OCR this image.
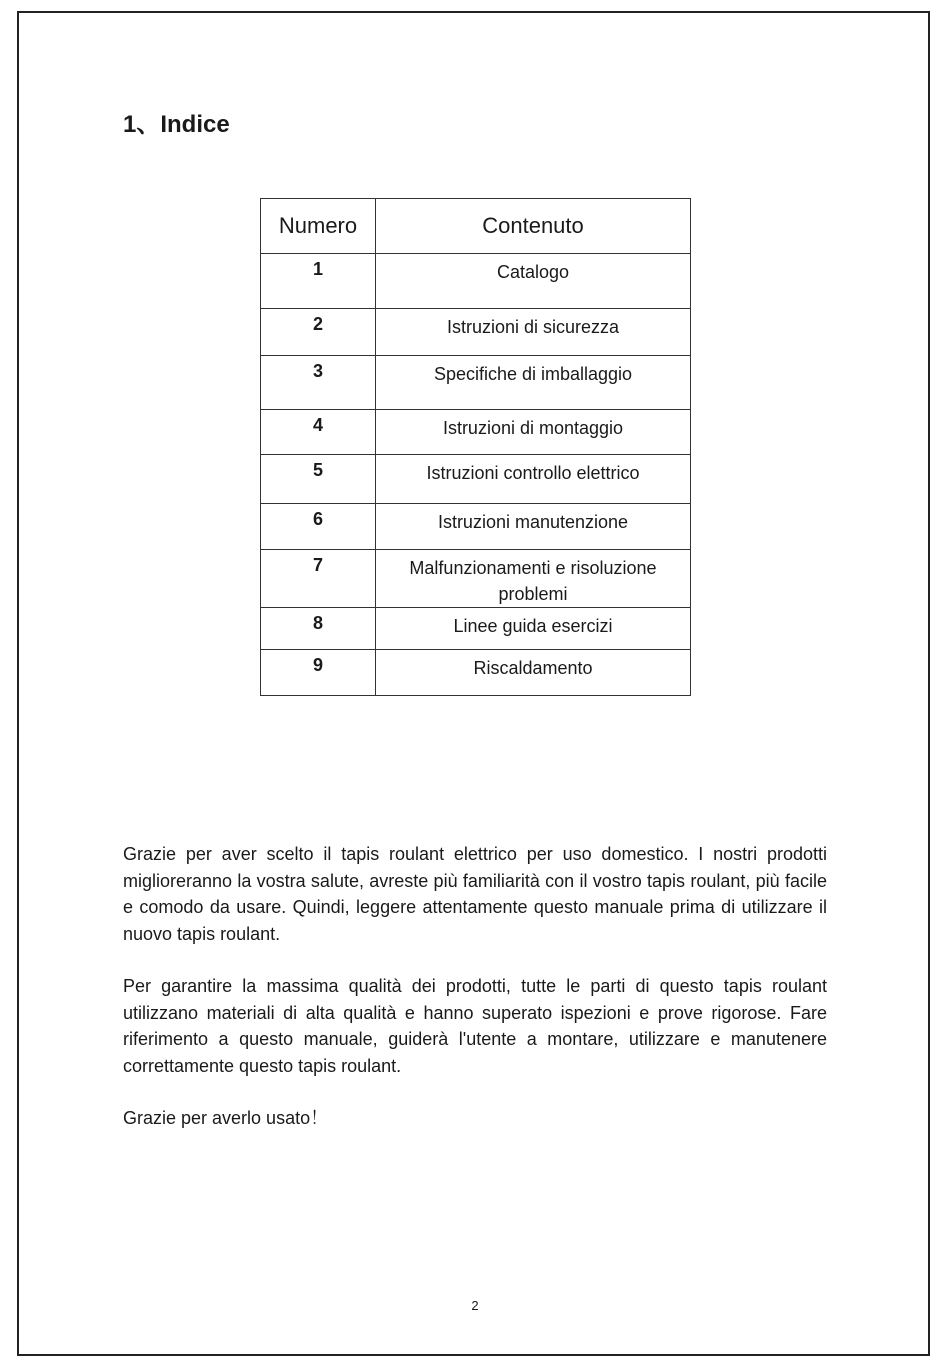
1、Indice
Numero	Contenuto
1	Catalogo
2	Istruzioni di sicurezza
3	Specifiche di imballaggio
4	Istruzioni di montaggio
5	Istruzioni controllo elettrico
6	Istruzioni manutenzione
7	Malfunzionamenti e risoluzione problemi
8	Linee guida esercizi
9	Riscaldamento

Grazie per aver scelto il tapis roulant elettrico per uso domestico. I nostri prodotti miglioreranno la vostra salute, avreste più familiarità con il vostro tapis roulant, più facile e comodo da usare. Quindi, leggere attentamente questo manuale prima di utilizzare il nuovo tapis roulant.

Per garantire la massima qualità dei prodotti, tutte le parti di questo tapis roulant utilizzano materiali di alta qualità e hanno superato ispezioni e prove rigorose. Fare riferimento a questo manuale, guiderà l'utente a montare, utilizzare e manutenere correttamente questo tapis roulant.

Grazie per averlo usato！

2
